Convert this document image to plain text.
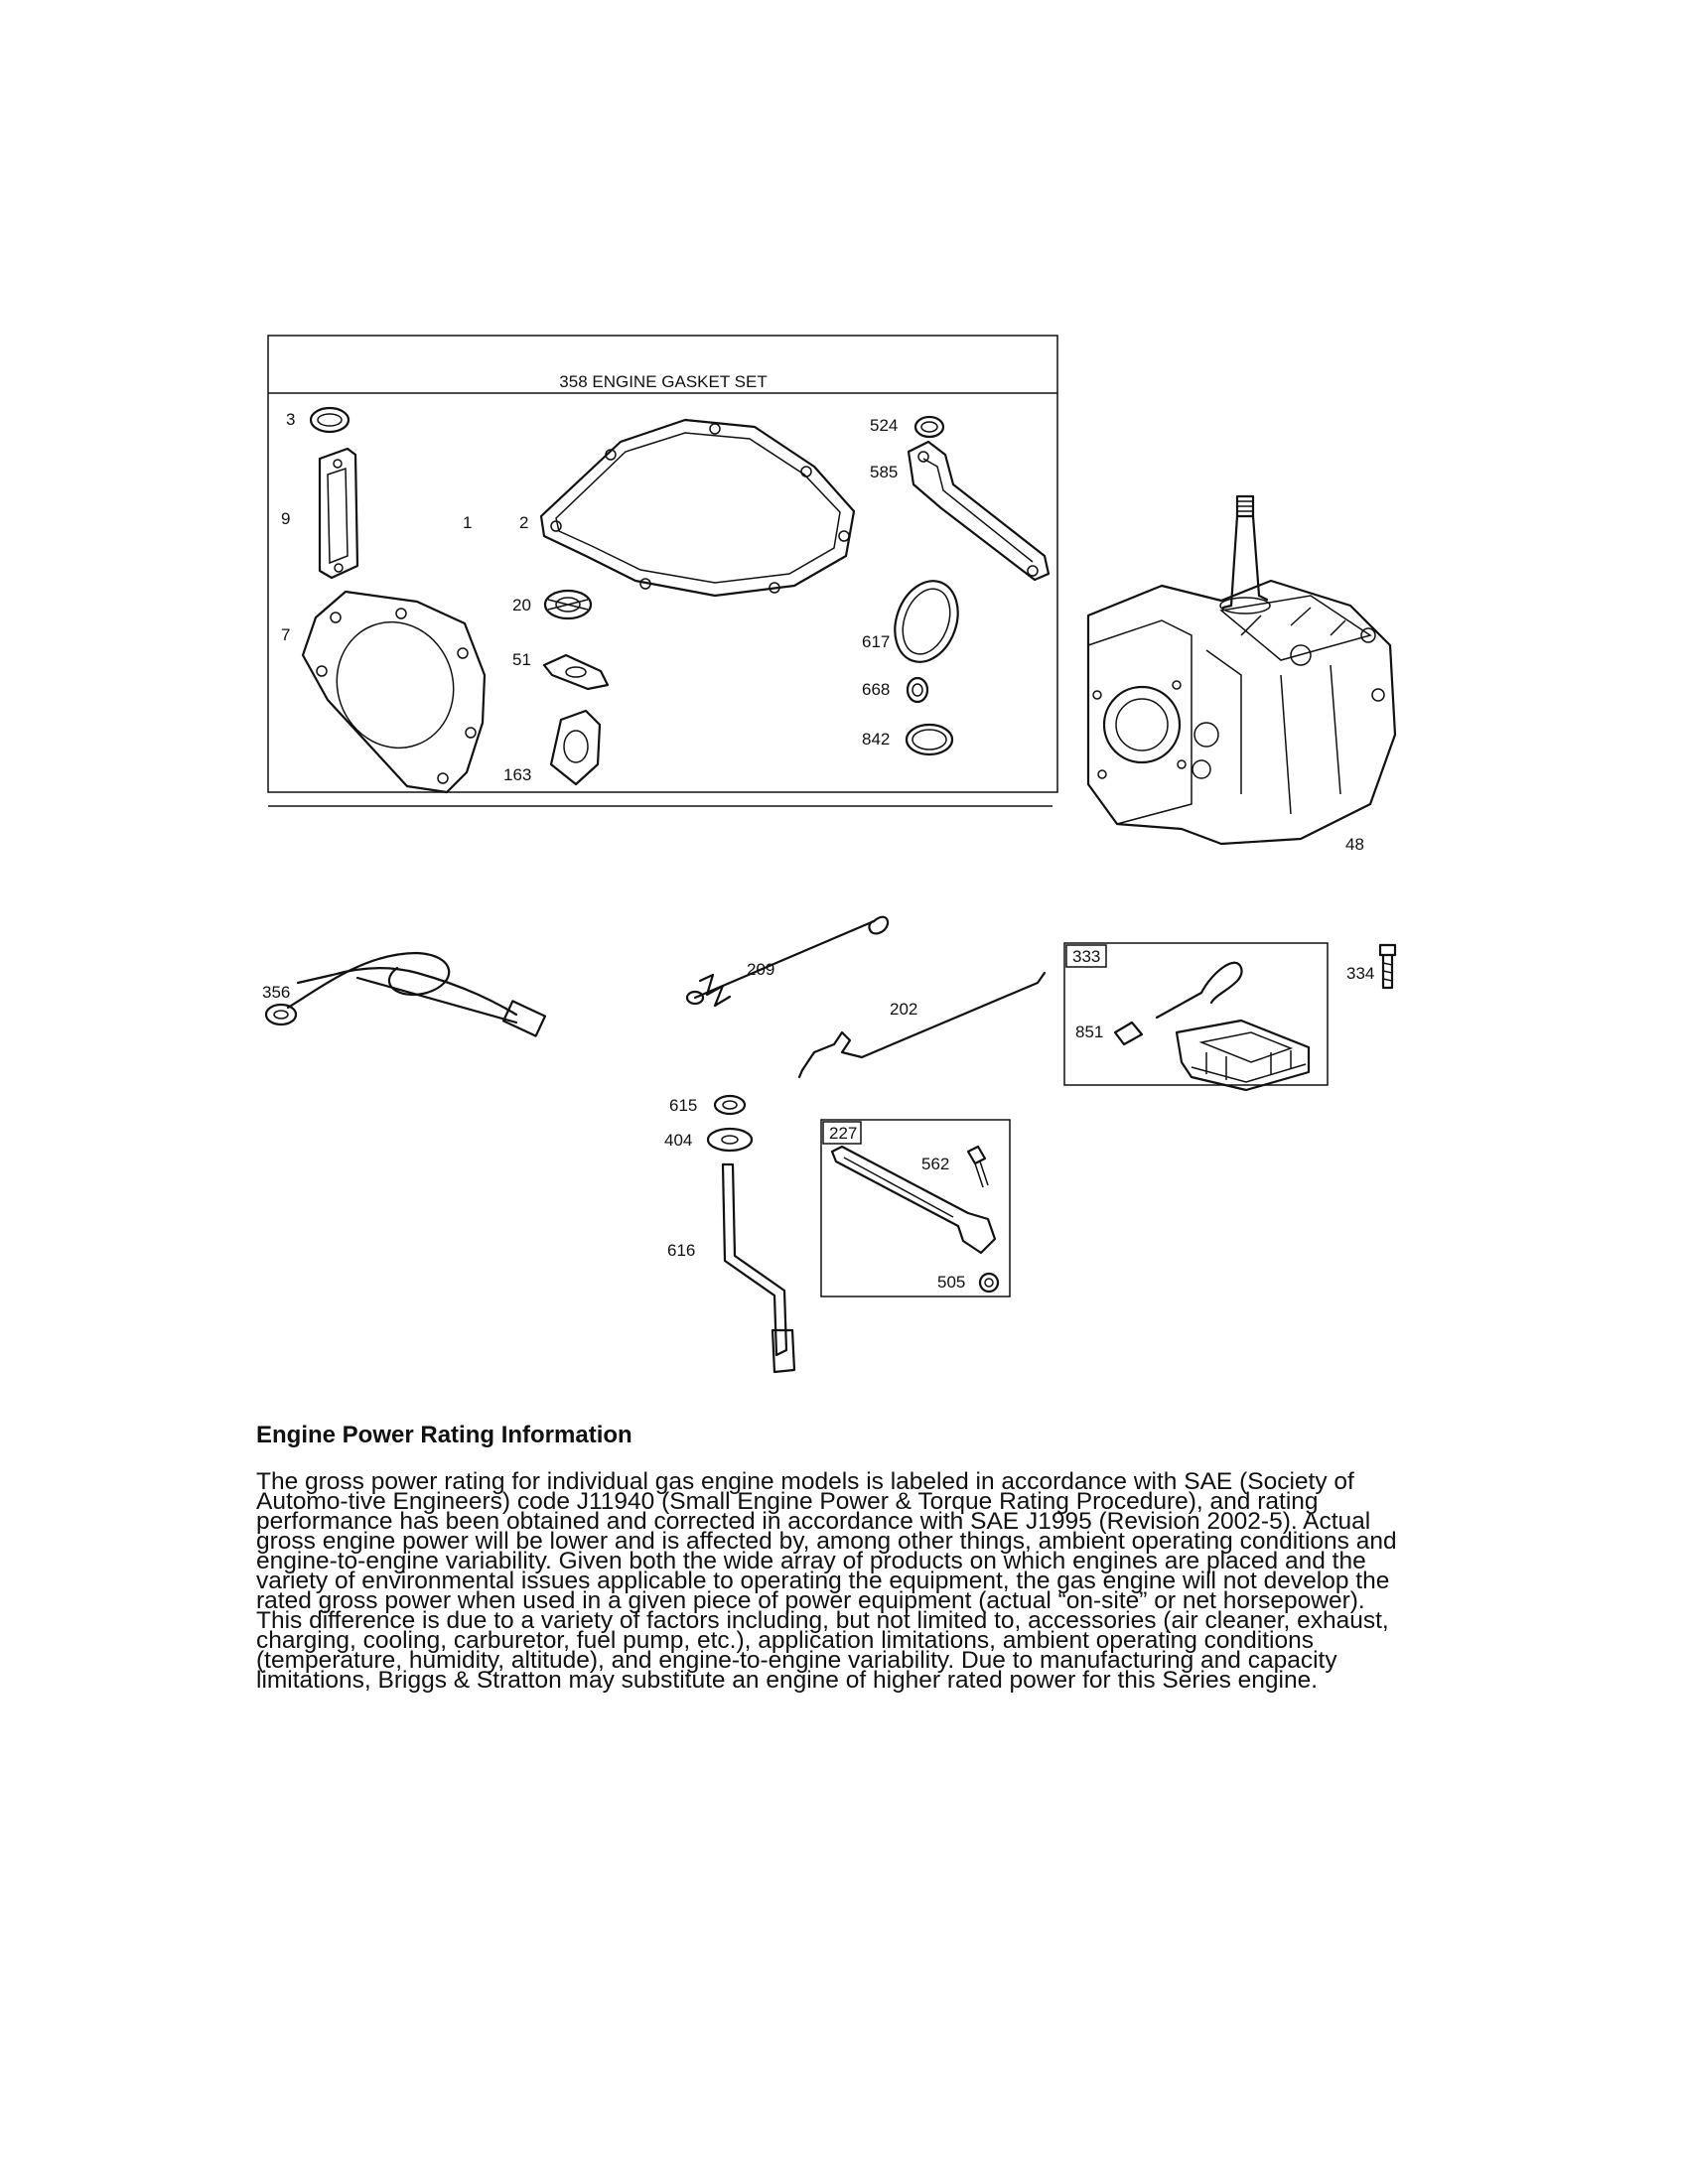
358 ENGINE GASKET SET
3
9	1	2
20
7
51
163
524
585
617
668
842
48
356
209
202
615
404
616
227
562
505
333
851
334
Engine Power Rating Information

The gross power rating for individual gas engine models is labeled in accordance with SAE (Society of Automo-tive Engineers) code J11940 (Small Engine Power & Torque Rating Procedure), and rating performance has been obtained and corrected in accordance with SAE J1995 (Revision 2002-5). Actual gross engine power will be lower and is affected by, among other things, ambient operating conditions and engine-to-engine variability. Given both the wide array of products on which engines are placed and the variety of environmental issues applicable to operating the equipment, the gas engine will not develop the rated gross power when used in a given piece of power equipment (actual “on-site” or net horsepower). This difference is due to a variety of factors including, but not limited to, accessories (air cleaner, exhaust, charging, cooling, carburetor, fuel pump, etc.), application limitations, ambient operating conditions (temperature, humidity, altitude), and engine-to-engine variability. Due to manufacturing and capacity limitations, Briggs & Stratton may substitute an engine of higher rated power for this Series engine.
